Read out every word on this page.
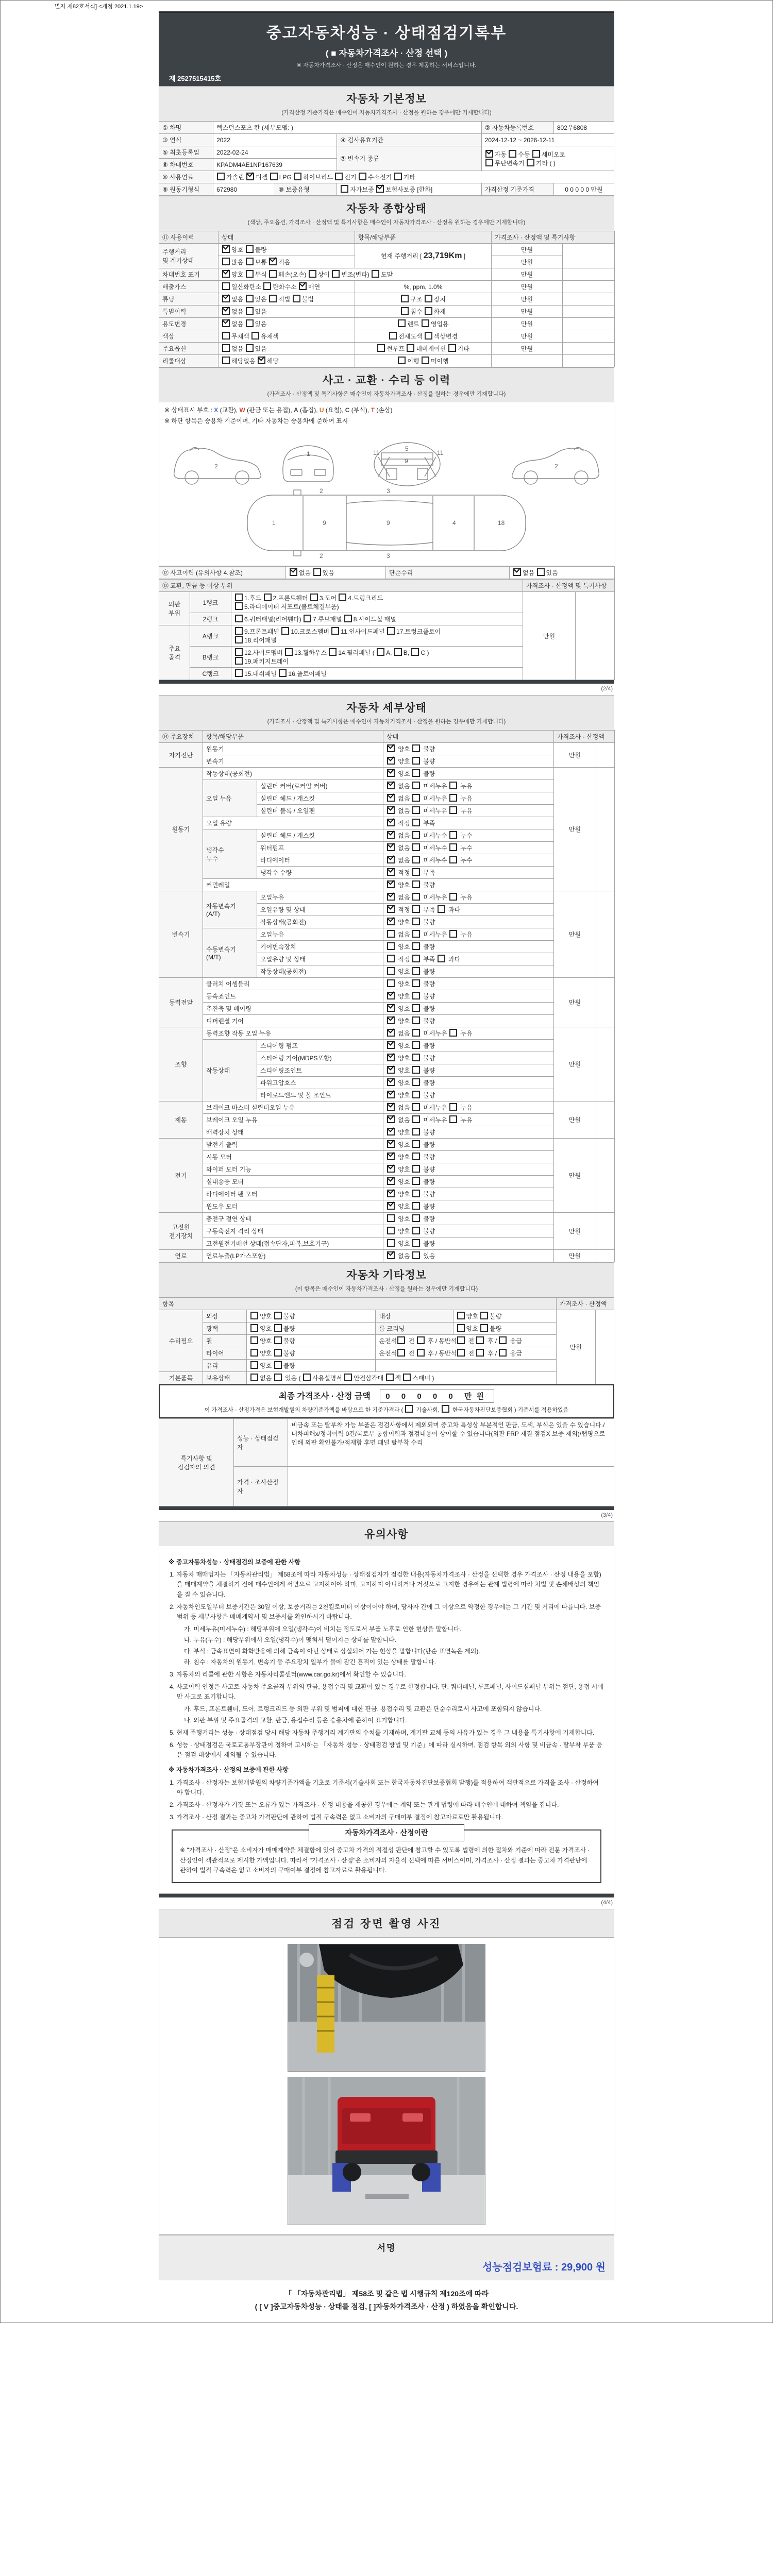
별지 제82호서식] <개정 2021.1.19>
중고자동차성능 · 상태점검기록부
( ■ 자동차가격조사 · 산정 선택 )
※ 자동차가격조사 · 산정은 매수인이 원하는 경우 제공하는 서비스입니다.
제 2527515415호
자동차 기본정보
(가격산정 기준가격은 매수인이 자동차가격조사 · 산정을 원하는 경우에만 기재합니다)
① 차명	렉스턴스포츠 칸 (세부모델: )			② 자동차등록번호	802우6808
③ 연식	2022		④ 검사유효기간	2024-12-12 ~ 2026-12-11	
⑤ 최초등록일	2022-02-24		⑦ 변속기 종류	자동 수동 세미오토
무단변속기 기타 ( )	
⑥ 차대번호	KPADM4AE1NP167639				
⑧ 사용연료	가솔린 디젤 LPG 하이브리드 전기 수소전기 기타				
⑨ 원동기형식	672980	⑩ 보증유형	자가보증 보험사보증 [한화]	가격산정 기준가격	0 0 0 0 0 만원
자동차 종합상태
(색상, 주요옵션, 가격조사 · 산정액 및 특기사항은 매수인이 자동차가격조사 · 산정을 원하는 경우에만 기재합니다)
⑪ 사용이력	상태	항목/해당부품	가격조사 · 산정액 및 특기사항	
주행거리
및 계기상태	양호 불량	현재 주행거리 [ 23,719Km ]	만원	
	많음 보통 적음		만원	
차대번호 표기	양호 부식 훼손(오손) 상이 변조(변타) 도말		만원	
배출가스	일산화탄소 탄화수소 매연	%, ppm, 1.0%	만원	
튜닝	없음 있음 적법 불법	구조 장치	만원	
특별이력	없음 있음	침수 화재	만원	
용도변경	없음 있음	렌트 영업용	만원	
색상	무채색 유채색	전체도색 색상변경	만원	
주요옵션	없음 있음	썬루프 네비게이션 기타	만원	
리콜대상	해당없음 해당	이행 미이행		
사고 · 교환 · 수리 등 이력
(가격조사 · 산정액 및 특기사항은 매수인이 자동차가격조사 · 산정을 원하는 경우에만 기재합니다)
※ 상태표시 부호 : X (교환), W (판금 또는 용접), A (흠집), U (요철), C (부식), T (손상)
※ 하단 항목은 승용차 기준이며, 기타 자동차는 승용차에 준하여 표시
2
1	11
9
11
5
2
1	9	9	4	18
2	3
2	3
⑫ 사고이력 (유의사항 4.참조)	없음 있음	단순수리	없음 있음
⑬ 교환, 판금 등 이상 부위			가격조사 · 산정액 및 특기사항	
외판
부위	1랭크	1.후드 2.프론트휀더 3.도어 4.트렁크리드
5.라디에이터 서포트(볼트체결부품)	만원	
	2랭크	6.쿼터패널(리어휀다) 7.루브패널 8.사이드실 패널		
주요
골격	A랭크	9.프론트패널 10.크로스멤버 11.인사이드패널 17.트렁크플로어
18.리어패널		
	B랭크	12.사이드멤버 13.휠하우스 14.필러패널 ( A, B, C )
19.패키지트레이		
	C랭크	15.대쉬패널 16.플로어패널		
(2/4)
자동차 세부상태
(가격조사 · 산정액 및 특기사항은 매수인이 자동차가격조사 · 산정을 원하는 경우에만 기재합니다)
⑭ 주요장치	항목/해당부품		상태	가격조사 · 산정액	
자기진단	원동기		양호  불량	만원	
	변속기		양호  불량		
원동기	작동상태(공회전)		양호  불량	만원	
	오일 누유	실린더 커버(로커암 커버)	없음  미세누유  누유		
		실린더 헤드 / 개스킷	없음  미세누유  누유		
		실린더 블록 / 오일팬	없음  미세누유  누유		
	오일 유량		적정  부족		
	냉각수
누수	실린더 헤드 / 개스킷	없음  미세누수  누수		
		워터펌프	없음  미세누수  누수		
		라디에이터	없음  미세누수  누수		
		냉각수 수량	적정  부족		
	커먼레일		양호  불량		
변속기	자동변속기
(A/T)	오일누유	없음  미세누유  누유	만원	
		오일유량 및 상태	적정  부족  과다		
		작동상태(공회전)	양호  불량		
	수동변속기
(M/T)	오일누유	없음  미세누유  누유		
		기어변속장치	양호  불량		
		오일유량 및 상태	적정  부족  과다		
		작동상태(공회전)	양호  불량		
동력전달	클러치 어셈블리		양호  불량	만원	
	등속죠인트		양호  불량		
	추진축 및 베어링		양호  불량		
	디퍼렌셜 기어		양호  불량		
조향	동력조향 작동 오일 누유		없음  미세누유  누유	만원	
	작동상태	스티어링 펌프	양호  불량		
		스티어링 기어(MDPS포함)	양호  불량		
		스티어링조인트	양호  불량		
		파워고압호스	양호  불량		
		타이로드엔드 및 볼 조인트	양호  불량		
제동	브레이크 마스터 실린더오일 누유		없음  미세누유  누유	만원	
	브레이크 오일 누유		없음  미세누유  누유		
	배력장치 상태		양호  불량		
전기	발전기 출력		양호  불량	만원	
	시동 모터		양호  불량		
	와이퍼 모터 기능		양호  불량		
	실내송풍 모터		양호  불량		
	라디에이터 팬 모터		양호  불량		
	윈도우 모터		양호  불량		
고전원
전기장치	충전구 절연 상태		양호  불량	만원	
	구동축전지 격리 상태		양호  불량		
	고전원전기배선 상태(접속단자,피복,보호기구)		양호  불량		
연료	연료누출(LP가스포함)		없음  있음	만원	
자동차 기타정보
(이 항목은 매수인이 자동차가격조사 · 산정을 원하는 경우에만 기재합니다)
항목					가격조사 · 산정액	
수리필요	외장	양호 불량	내장	양호 불량	만원	
	광택	양호 불량	룸 크리닝	양호 불량		
	휠	양호 불량	운전석 전  후 / 동반석 전  후 /  응급			
	타이어	양호 불량	운전석 전  후 / 동반석 전  후 /  응급			
	유리	양호 불량				
기본품목	보유상태	없음  있음 ( 사용설명서 안전삼각대 잭 스패너 )				
최종 가격조사 · 산정 금액 0 0 0 0 0 만원
이 가격조사 · 산정가격은 보험개발원의 차량기준가액을 바탕으로 한 기준가격과 (  기술사회,  한국자동차진단보증협회 ) 기준서를 적용하였음
특기사항 및
점검자의 의견	성능 · 상태점검
자	비금속 또는 탈부착 가능 부품은 점검사항에서 제외되며 중고차 특성상 부분적인 판금, 도색, 부식은 있을 수 있습니다./내차피해x/정비이력 0건/국토부 통합이력과 점검내용이 상이할 수 있습니다(외판 FRP 재질 점검X 보증 제외)/랩핑으로 인해 외판 확인불가/적재함 후면 패널 탈부착 수리
	가격 · 조사산정
자	
(3/4)
유의사항
※ 중고자동차성능 · 상태점검의 보증에 관한 사항
1. 자동차 매매업자는 「자동차관리법」 제58조에 따라 자동차성능 · 상태점검자가 점검한 내용(자동차가격조사 · 산정을 선택한 경우 가격조사 · 산정 내용을 포함)을 매매계약을 체결하기 전에 매수인에게 서면으로 고지하여야 하며, 고지하지 아니하거나 거짓으로 고지한 경우에는 관계 법령에 따라 처벌 및 손해배상의 책임을 질 수 있습니다.
2. 자동차인도일부터 보증기간은 30일 이상, 보증거리는 2천킬로미터 이상이어야 하며, 당사자 간에 그 이상으로 약정한 경우에는 그 기간 및 거리에 따릅니다. 보증범위 등 세부사항은 매매계약서 및 보증서를 확인하시기 바랍니다.
가. 미세누유(미세누수) : 해당부위에 오일(냉각수)이 비치는 정도로서 부품 노후로 인한 현상을 말합니다.
나. 누유(누수) : 해당부위에서 오일(냉각수)이 맺혀서 떨어지는 상태를 말합니다.
다. 부식 : 금속표면이 화학반응에 의해 금속이 아닌 상태로 상실되어 가는 현상을 말합니다(단순 표면녹은 제외).
라. 침수 : 자동차의 원동기, 변속기 등 주요장치 일부가 물에 잠긴 흔적이 있는 상태를 말합니다.
3. 자동차의 리콜에 관한 사항은 자동차리콜센터(www.car.go.kr)에서 확인할 수 있습니다.
4. 사고이력 인정은 사고로 자동차 주요골격 부위의 판금, 용접수리 및 교환이 있는 경우로 한정합니다. 단, 쿼터패널, 루프패널, 사이드실패널 부위는 절단, 용접 시에만 사고로 표기합니다.
가. 후드, 프론트휀더, 도어, 트렁크리드 등 외판 부위 및 범퍼에 대한 판금, 용접수리 및 교환은 단순수리로서 사고에 포함되지 않습니다.
나. 외판 부위 및 주요골격의 교환, 판금, 용접수리 등은 승용차에 준하여 표기합니다.
5. 현재 주행거리는 성능 · 상태점검 당시 해당 자동차 주행거리 계기판의 수치를 기재하며, 계기판 교체 등의 사유가 있는 경우 그 내용을 특기사항에 기재합니다.
6. 성능 · 상태점검은 국토교통부장관이 정하여 고시하는 「자동차 성능 · 상태점검 방법 및 기준」에 따라 실시하며, 점검 항목 외의 사항 및 비금속 · 탈부착 부품 등은 점검 대상에서 제외될 수 있습니다.
※ 자동차가격조사 · 산정의 보증에 관한 사항
1. 가격조사 · 산정자는 보험개발원의 차량기준가액을 기초로 기준서(기술사회 또는 한국자동차진단보증협회 발행)를 적용하여 객관적으로 가격을 조사 · 산정하여야 합니다.
2. 가격조사 · 산정자가 거짓 또는 오류가 있는 가격조사 · 산정 내용을 제공한 경우에는 계약 또는 관계 법령에 따라 매수인에 대하여 책임을 집니다.
3. 가격조사 · 산정 결과는 중고차 가격판단에 관하여 법적 구속력은 없고 소비자의 구매여부 결정에 참고자료로만 활용됩니다.
자동차가격조사 · 산정이란
※ "가격조사 · 산정"은 소비자가 매매계약을 체결함에 있어 중고차 가격의 적절성 판단에 참고할 수 있도록 법령에 의한 절차와 기준에 따라 전문 가격조사 · 산정인이 객관적으로 제시한 가액입니다. 따라서 "가격조사 · 산정"은 소비자의 자율적 선택에 따른 서비스이며, 가격조사 · 산정 결과는 중고차 가격판단에 관하여 법적 구속력은 없고 소비자의 구매여부 결정에 참고자료로 활용됩니다.
(4/4)
점검 장면 촬영 사진
서명
성능점검보험료 : 29,900 원
「 「자동차관리법」 제58조 및 같은 법 시행규칙 제120조에 따라
( [ V ]중고자동차성능 · 상태를 점검, [ ]자동차가격조사 · 산정 ) 하였음을 확인합니다.
